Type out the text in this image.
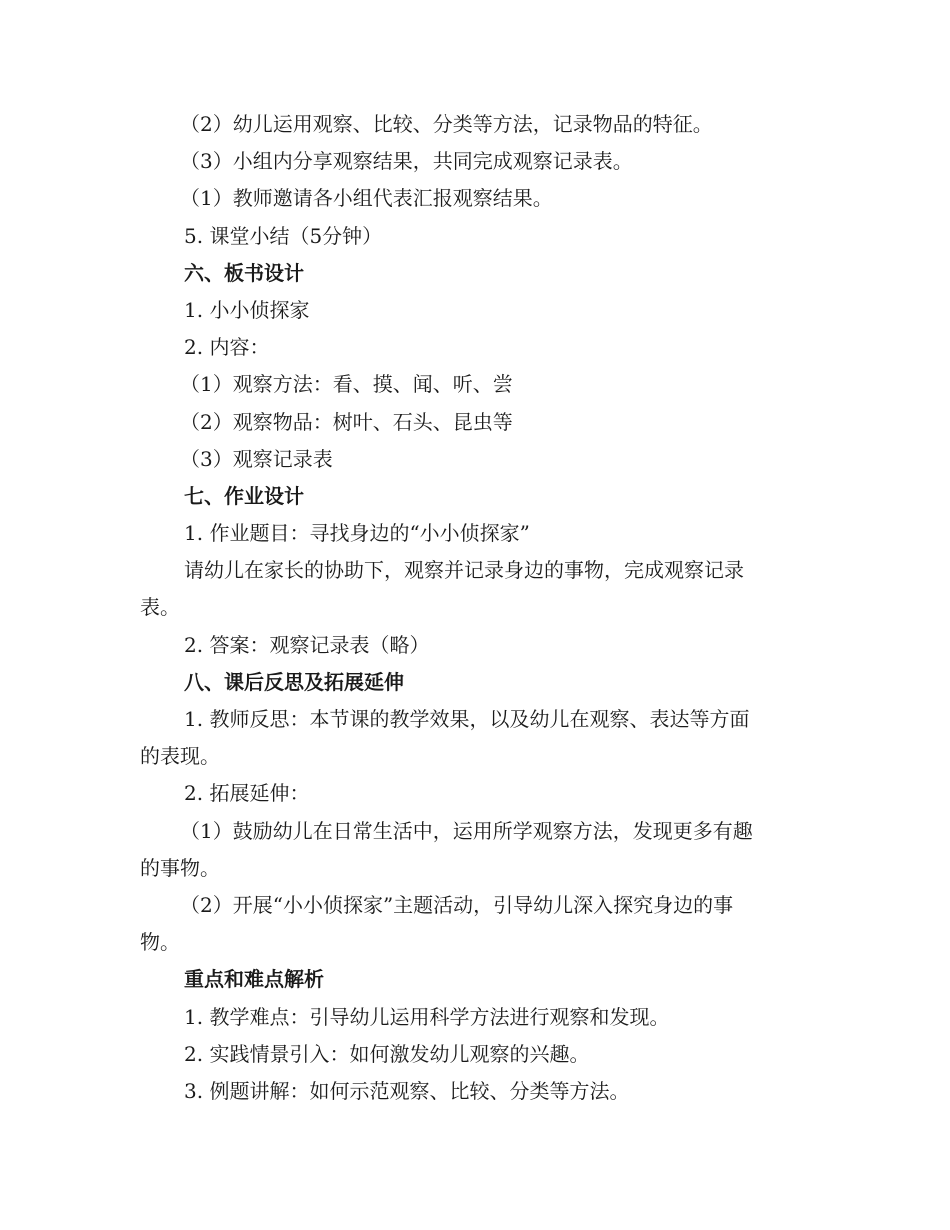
（2）幼儿运用观察、比较、分类等方法，记录物品的特征。
（3）小组内分享观察结果，共同完成观察记录表。
（1）教师邀请各小组代表汇报观察结果。
5. 课堂小结（5分钟）
六、板书设计
1. 小小侦探家
2. 内容：
（1）观察方法：看、摸、闻、听、尝
（2）观察物品：树叶、石头、昆虫等
（3）观察记录表
七、作业设计
1. 作业题目：寻找身边的“小小侦探家”
请幼儿在家长的协助下，观察并记录身边的事物，完成观察记录
表。
2. 答案：观察记录表（略）
八、课后反思及拓展延伸
1. 教师反思：本节课的教学效果，以及幼儿在观察、表达等方面
的表现。
2. 拓展延伸：
（1）鼓励幼儿在日常生活中，运用所学观察方法，发现更多有趣
的事物。
（2）开展“小小侦探家”主题活动，引导幼儿深入探究身边的事
物。
重点和难点解析
1. 教学难点：引导幼儿运用科学方法进行观察和发现。
2. 实践情景引入：如何激发幼儿观察的兴趣。
3. 例题讲解：如何示范观察、比较、分类等方法。
